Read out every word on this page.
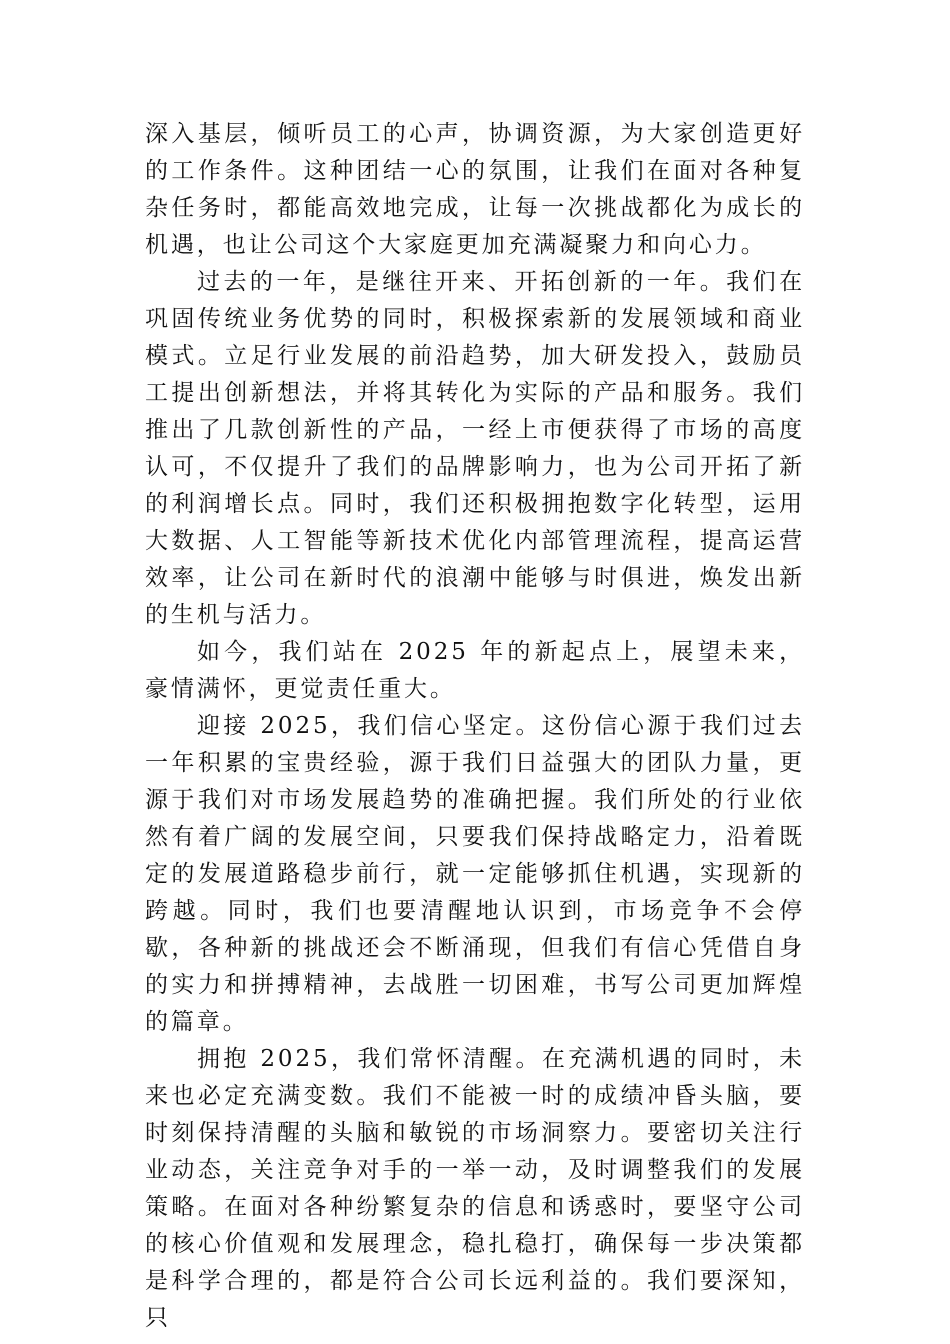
深入基层，倾听员工的心声，协调资源，为大家创造更好的工作条件。这种团结一心的氛围，让我们在面对各种复杂任务时，都能高效地完成，让每一次挑战都化为成长的机遇，也让公司这个大家庭更加充满凝聚力和向心力。

过去的一年，是继往开来、开拓创新的一年。我们在巩固传统业务优势的同时，积极探索新的发展领域和商业模式。立足行业发展的前沿趋势，加大研发投入，鼓励员工提出创新想法，并将其转化为实际的产品和服务。我们推出了几款创新性的产品，一经上市便获得了市场的高度认可，不仅提升了我们的品牌影响力，也为公司开拓了新的利润增长点。同时，我们还积极拥抱数字化转型，运用大数据、人工智能等新技术优化内部管理流程，提高运营效率，让公司在新时代的浪潮中能够与时俱进，焕发出新的生机与活力。

如今，我们站在 2025 年的新起点上，展望未来，豪情满怀，更觉责任重大。

迎接 2025，我们信心坚定。这份信心源于我们过去一年积累的宝贵经验，源于我们日益强大的团队力量，更源于我们对市场发展趋势的准确把握。我们所处的行业依然有着广阔的发展空间，只要我们保持战略定力，沿着既定的发展道路稳步前行，就一定能够抓住机遇，实现新的跨越。同时，我们也要清醒地认识到，市场竞争不会停歇，各种新的挑战还会不断涌现，但我们有信心凭借自身的实力和拼搏精神，去战胜一切困难，书写公司更加辉煌的篇章。

拥抱 2025，我们常怀清醒。在充满机遇的同时，未来也必定充满变数。我们不能被一时的成绩冲昏头脑，要时刻保持清醒的头脑和敏锐的市场洞察力。要密切关注行业动态，关注竞争对手的一举一动，及时调整我们的发展策略。在面对各种纷繁复杂的信息和诱惑时，要坚守公司的核心价值观和发展理念，稳扎稳打，确保每一步决策都是科学合理的，都是符合公司长远利益的。我们要深知，只
